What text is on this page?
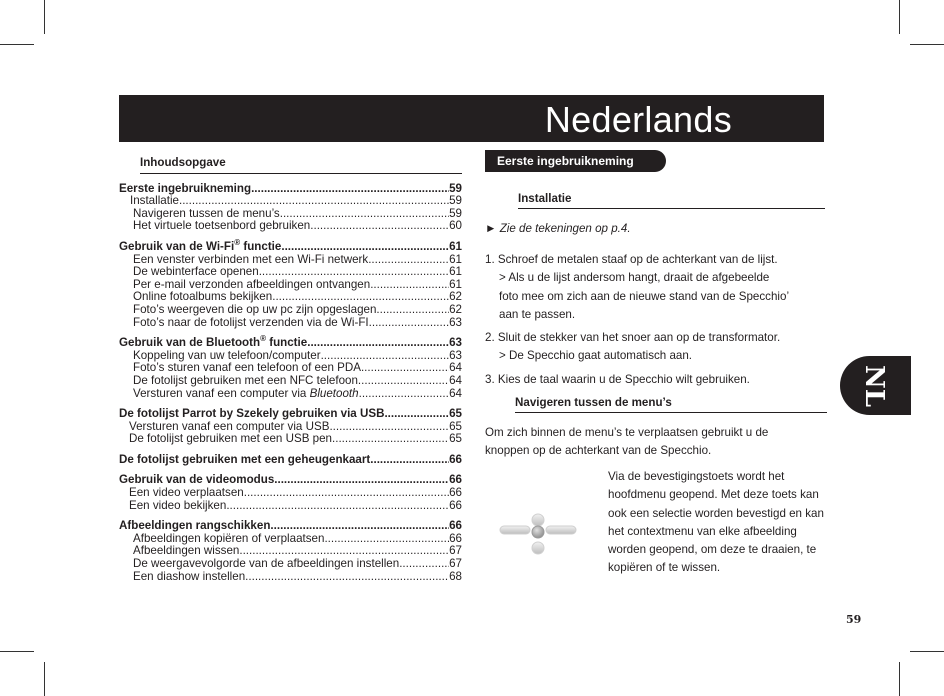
Nederlands
NL
Inhoudsopgave
Eerste ingebruikneming .....	59
Installatie .....	59
Navigeren tussen de menu’s .....	59
Het virtuele toetsenbord gebruiken .....	60
Gebruik van de Wi-Fi® functie .....	61
Een venster verbinden met een Wi-Fi netwerk .....	61
De webinterface openen .....	61
Per e-mail verzonden afbeeldingen ontvangen .....	61
Online fotoalbums bekijken .....	62
Foto’s weergeven die op uw pc zijn opgeslagen .....	62
Foto’s naar de fotolijst verzenden via de Wi-FI .....	63
Gebruik van de Bluetooth® functie .....	63
Koppeling van uw telefoon/computer .....	63
Foto’s sturen vanaf een telefoon of een PDA .....	64
De fotolijst gebruiken met een NFC telefoon .....	64
Versturen vanaf een computer via Bluetooth .....	64
De fotolijst Parrot by Szekely gebruiken via USB .....	65
Versturen vanaf een computer via USB .....	65
De fotolijst gebruiken met een USB pen .....	65
De fotolijst gebruiken met een geheugenkaart .....	66
Gebruik van de videomodus .....	66
Een video verplaatsen .....	66
Een video bekijken .....	66
Afbeeldingen rangschikken .....	66
Afbeeldingen kopiëren of verplaatsen .....	66
Afbeeldingen wissen .....	67
De weergavevolgorde van de afbeeldingen instellen .....	67
Een diashow instellen .....	68
Eerste ingebruikneming
Installatie
► Zie de tekeningen op p.4.
1. Schroef de metalen staaf op de achterkant van de lijst.
> Als u de lijst andersom hangt, draait de afgebeelde
foto mee om zich aan de nieuwe stand van de Specchio’
aan te passen.
2. Sluit de stekker van het snoer aan op de transformator.
> De Specchio gaat automatisch aan.
3. Kies de taal waarin u de Specchio wilt gebruiken.
Navigeren tussen de menu’s
Om zich binnen de menu’s te verplaatsen gebruikt u de knoppen op de achterkant van de Specchio.
Via de bevestigingstoets wordt het hoofdmenu geopend. Met deze toets kan ook een selectie worden bevestigd en kan het contextmenu van elke afbeelding worden geopend, om deze te draaien, te kopiëren of te wissen.
59
